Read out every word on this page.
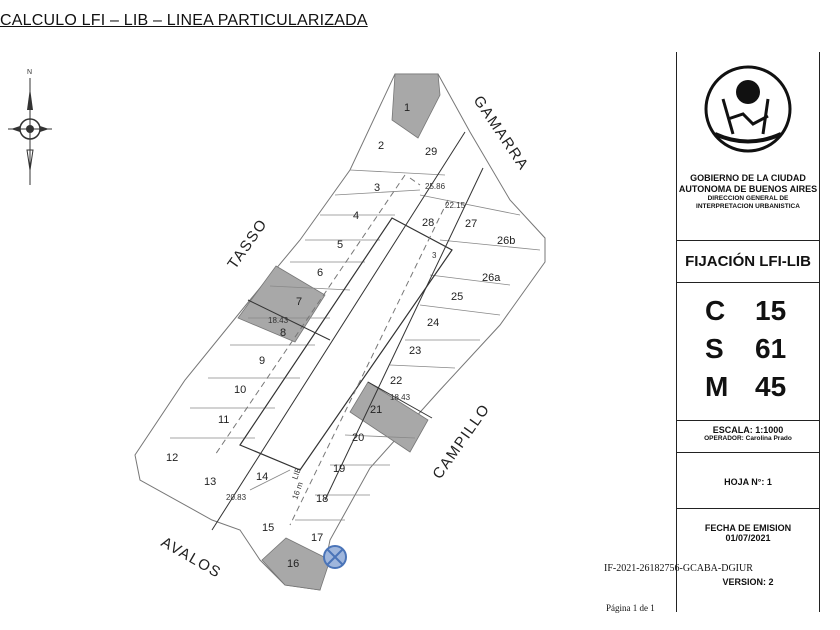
CALCULO LFI – LIB – LINEA PARTICULARIZADA
N
GAMARRA
TASSO
CAMPILLO
AVALOS
1
2	29
3
28	27
4
26b
5
6	26a
25
7
8
24
9
23
10
22
21
11
20
12
19
13	14
18
15
17
16
25.86
22.15
18.43
18.43
20.83
3
LIB
16 m
GOBIERNO DE LA CIUDAD
AUTONOMA DE BUENOS AIRES
DIRECCION GENERAL DE
INTERPRETACION URBANISTICA
FIJACIÓN LFI-LIB
C 15
S 61
M 45
ESCALA: 1:1000
OPERADOR: Carolina Prado
HOJA N°: 1
FECHA DE EMISION
01/07/2021
VERSION: 2
IF-2021-26182756-GCABA-DGIUR
Página 1 de 1
